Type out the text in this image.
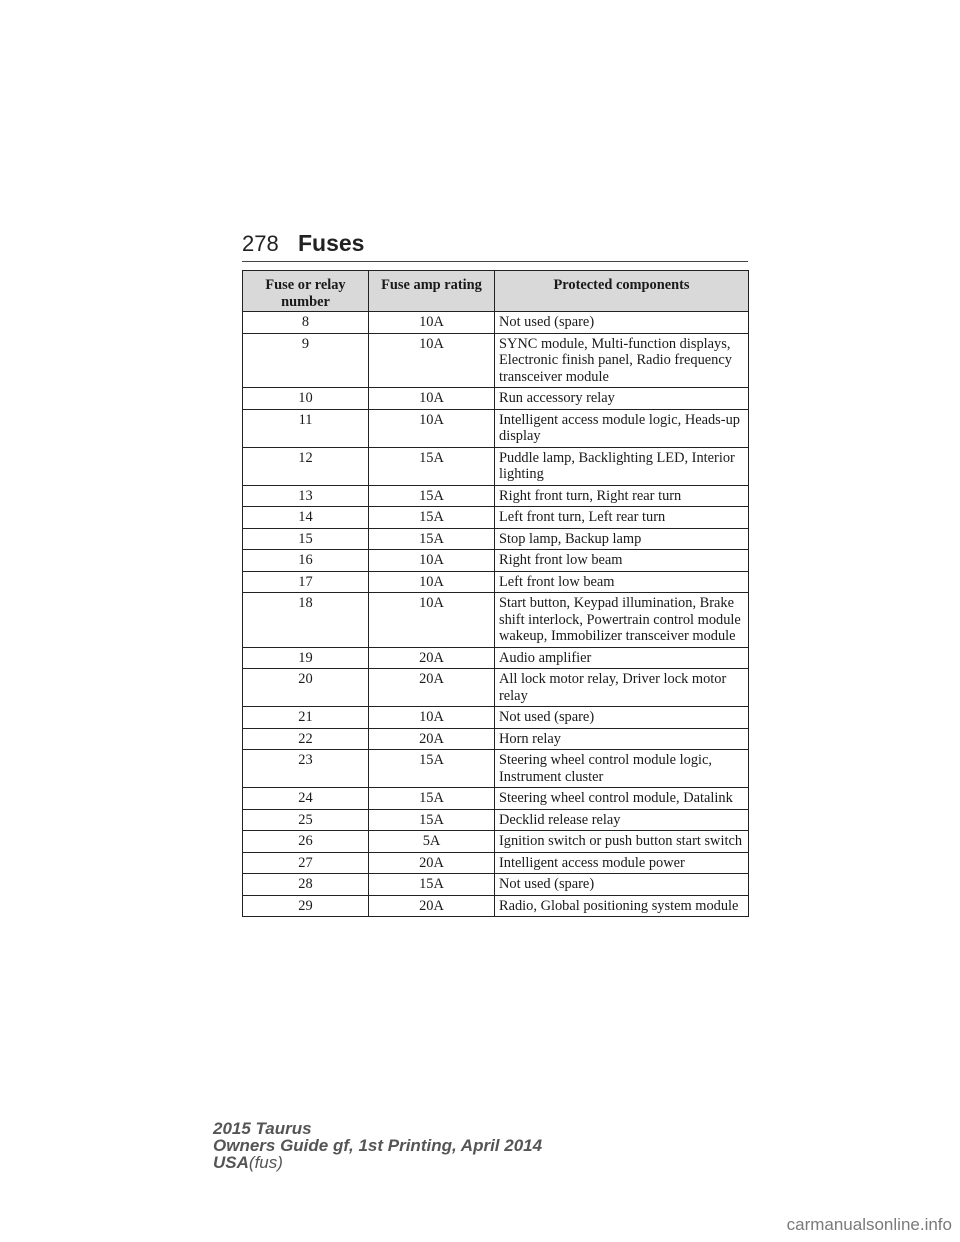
278 Fuses
Fuse or relay number	Fuse amp rating	Protected components
8	10A	Not used (spare)
9	10A	SYNC module, Multi-function displays, Electronic finish panel, Radio frequency transceiver module
10	10A	Run accessory relay
11	10A	Intelligent access module logic, Heads-up display
12	15A	Puddle lamp, Backlighting LED, Interior lighting
13	15A	Right front turn, Right rear turn
14	15A	Left front turn, Left rear turn
15	15A	Stop lamp, Backup lamp
16	10A	Right front low beam
17	10A	Left front low beam
18	10A	Start button, Keypad illumination, Brake shift interlock, Powertrain control module wakeup, Immobilizer transceiver module
19	20A	Audio amplifier
20	20A	All lock motor relay, Driver lock motor relay
21	10A	Not used (spare)
22	20A	Horn relay
23	15A	Steering wheel control module logic, Instrument cluster
24	15A	Steering wheel control module, Datalink
25	15A	Decklid release relay
26	5A	Ignition switch or push button start switch
27	20A	Intelligent access module power
28	15A	Not used (spare)
29	20A	Radio, Global positioning system module
2015 Taurus
Owners Guide gf, 1st Printing, April 2014
USA(fus)
carmanualsonline.info
